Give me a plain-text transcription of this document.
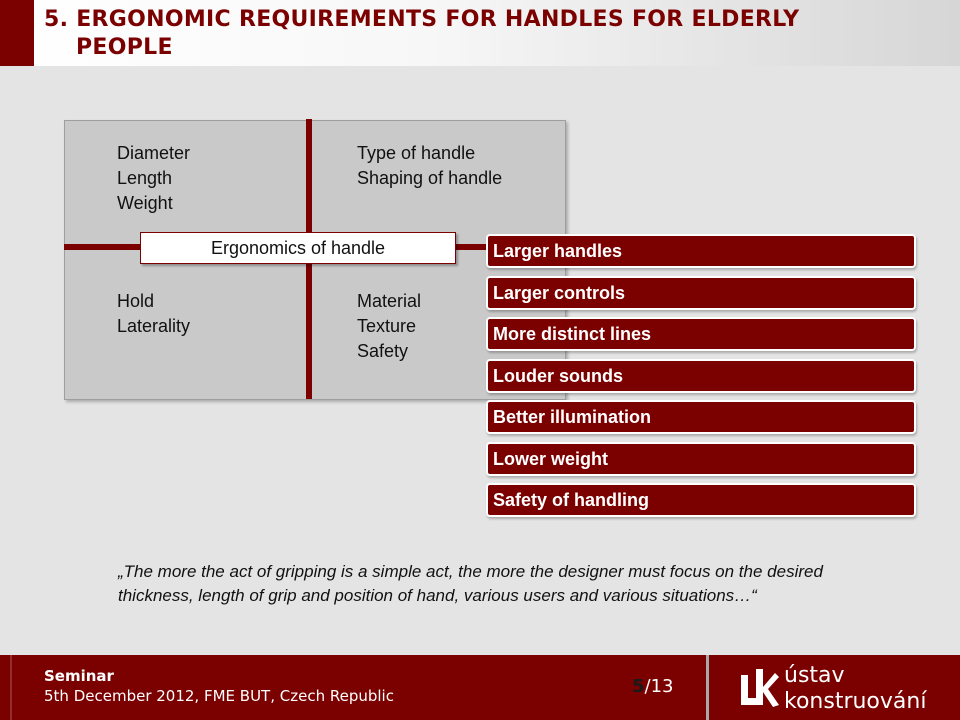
5. ERGONOMIC REQUIREMENTS FOR HANDLES FOR ELDERLY
PEOPLE

Diameter
Length
Weight

Type of handle
Shaping of handle

Hold
Laterality

Material
Texture
Safety

Ergonomics of handle	Larger handles
Larger controls
More distinct lines
Louder sounds
Better illumination
Lower weight
Safety of handling

„The more the act of gripping is a simple act, the more the designer must focus on the desired thickness, length of grip and position of hand, various users and various situations…“

Seminar
5th December 2012, FME BUT, Czech Republic	5/13	ústav
konstruování
